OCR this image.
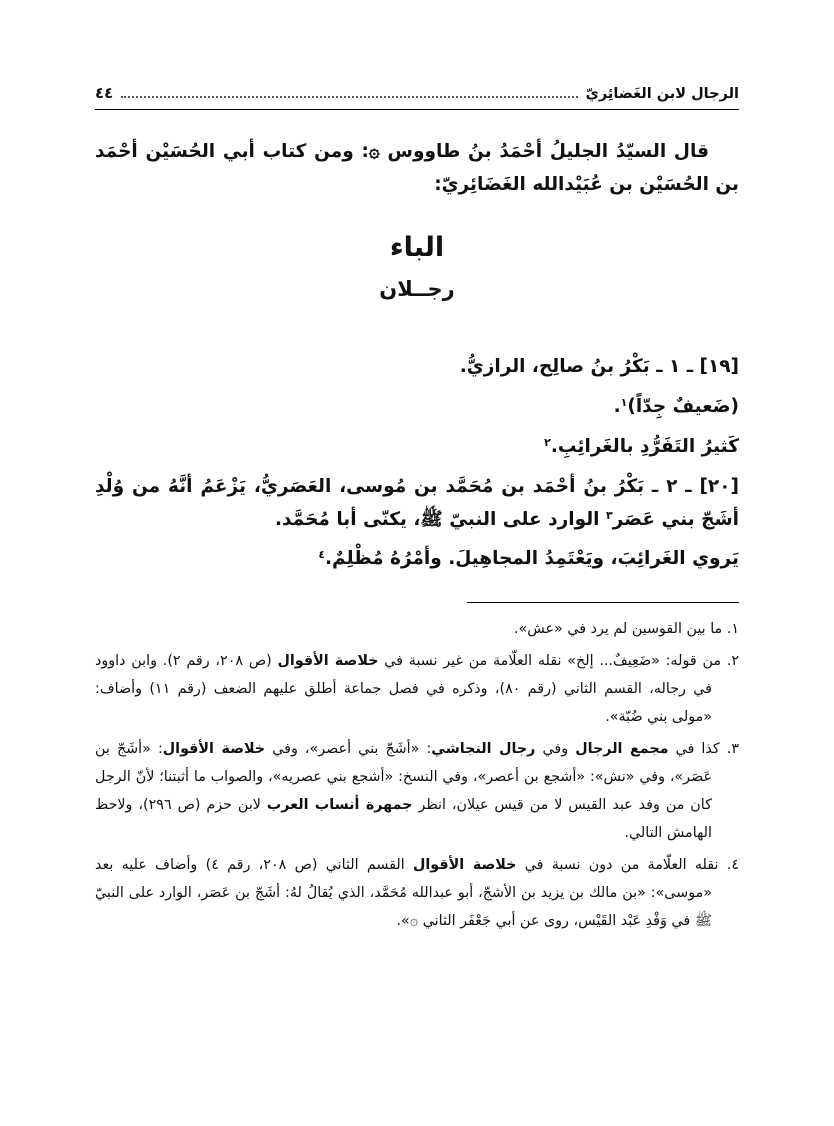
الرجال لابن الغَضائِريّ
٤٤

قال السيّدُ الجليلُ أحْمَدُ بنُ طاووس ۞: ومن كتاب أبي الحُسَيْن أحْمَد بن الحُسَيْن بن عُبَيْدالله الغَضَائِريّ:

الباء
رجــلان

[١٩] ـ ١ ـ بَكْرُ بنُ صالِح، الرازيُّ.

(ضَعيفٌ جِدّاً)$^١$.

كَثيرُ التَفَرُّدِ بالغَرائِبِ.$^٢$

[٢٠] ـ ٢ ـ بَكْرُ بنُ أحْمَد بن مُحَمَّد بن مُوسى، العَصَريُّ، يَزْعَمُ أنَّهُ من وُلْدِ أشَجّ بني عَصَر$^٣$ الوارد على النبيّ ﷺ، يكنّى أبا مُحَمَّد.

يَروي الغَرائِبَ، ويَعْتَمِدُ المجاهِيلَ. وأمْرُهُ مُظْلِمٌ.$^٤$

١. ما بين القوسين لم يرد في «عش».

٢. من قوله: «ضَعِيفٌ... إلخ» نقله العلّامة من غير نسبة في خلاصة الأقوال (ص ٢٠٨، رقم ٢). وابن داوود في رجاله، القسم الثاني (رقم ٨٠)، وذكره في فصل جماعة أطلق عليهم الضعف (رقم ١١) وأضاف: «مولى بني ضُبّة».

٣. كذا في مجمع الرجال وفي رجال النجاشي: «أشَجّ بني أعصر»، وفي خلاصة الأقوال: «أشَجّ بن عَصَر»، وفي «نش»: «أشجع بن أعصر»، وفي النسخ: «أشجع بني عصريه»، والصواب ما أثبتنا؛ لأنّ الرجل كان من وفد عبد القيس لا من قيس عيلان، انظر جمهرة أنساب العرب لابن حزم (ص ٢٩٦)، ولاحظ الهامش التالي.

٤. نقله العلّامة من دون نسبة في خلاصة الأقوال القسم الثاني (ص ٢٠٨، رقم ٤) وأضاف عليه بعد «موسى»: «بن مالك بن يزيد بن الأشجّ، أبو عبدالله مُحَمَّد، الذي يُقالُ لهُ: أشَجّ بن عَصَر، الوارد على النبيّ ﷺ في وَفْدِ عَبْد القَيْس، روى عن أبي جَعْفَر الثاني ۞».
